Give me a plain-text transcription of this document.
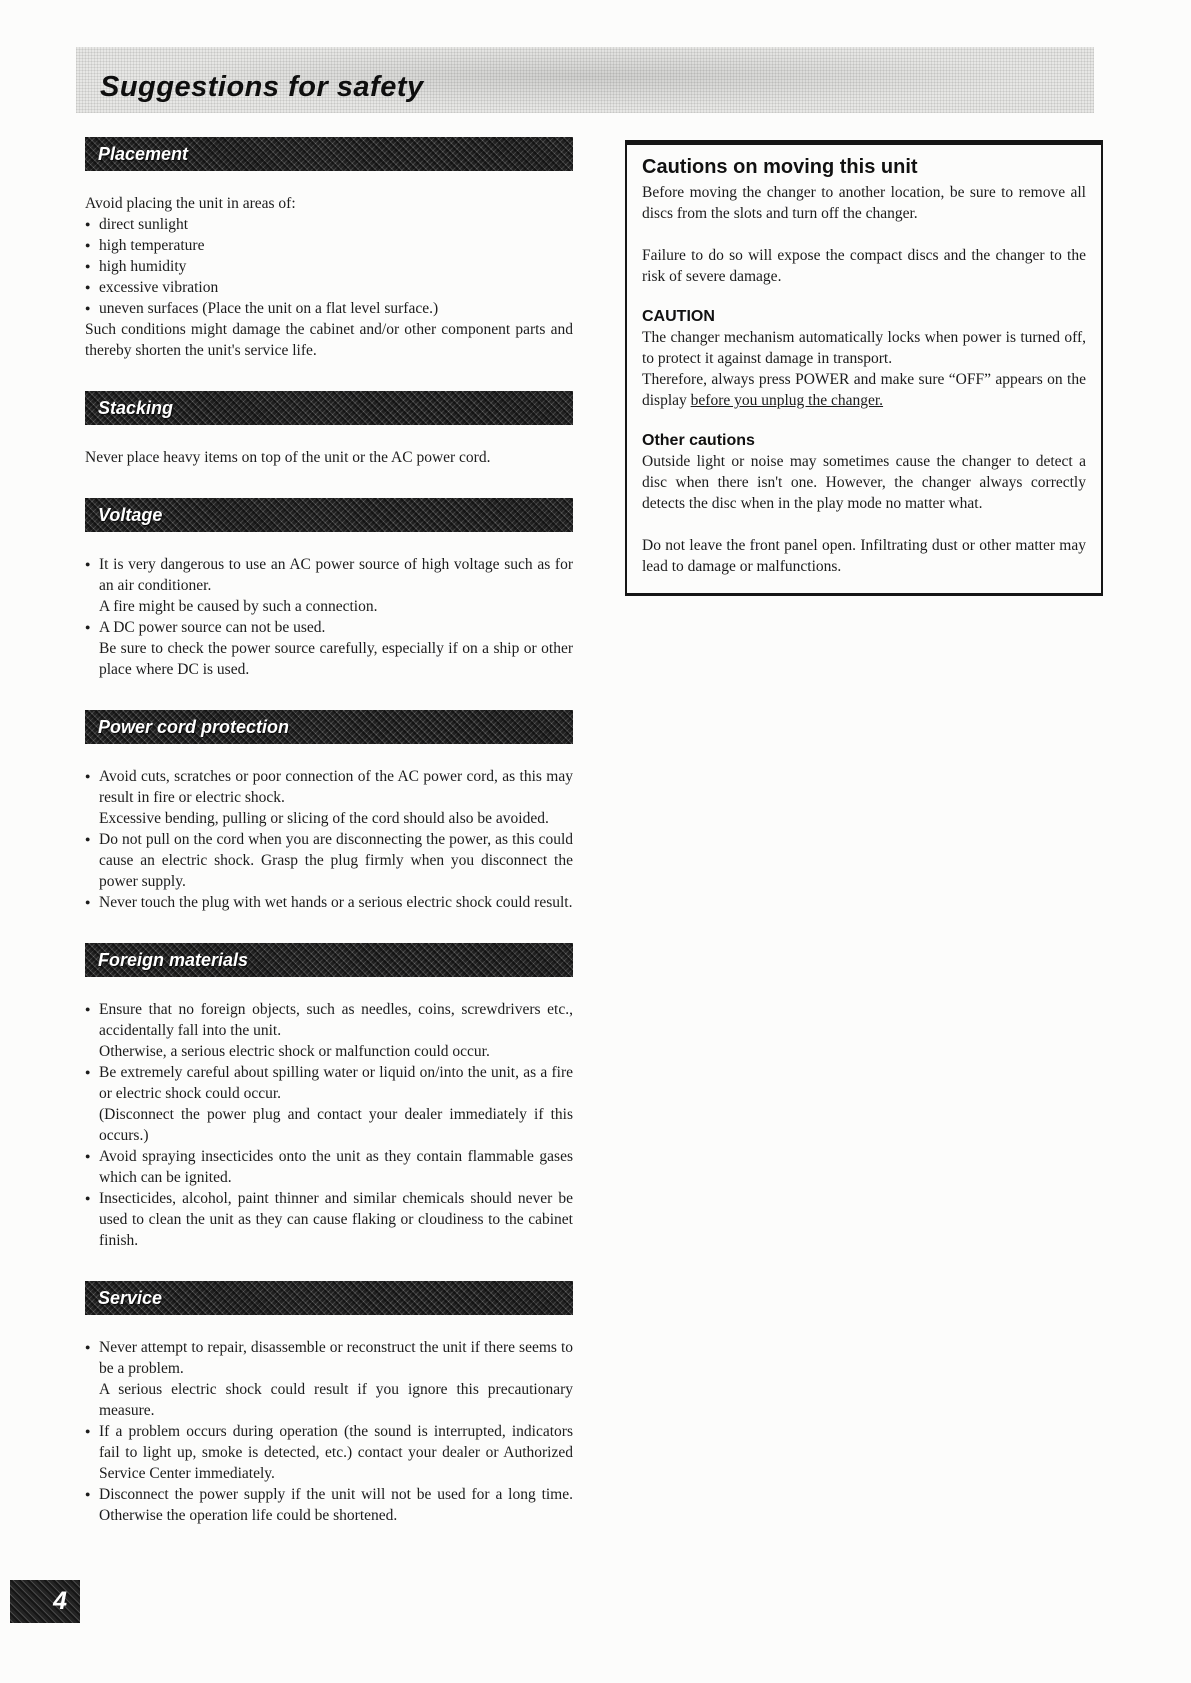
Suggestions for safety
Placement

Avoid placing the unit in areas of:

● direct sunlight

● high temperature

● high humidity

● excessive vibration

● uneven surfaces (Place the unit on a flat level surface.)

Such conditions might damage the cabinet and/or other component parts and thereby shorten the unit's service life.

Stacking

Never place heavy items on top of the unit or the AC power cord.

Voltage
● It is very dangerous to use an AC power source of high voltage such as for an air conditioner.

A fire might be caused by such a connection.

● A DC power source can not be used.

Be sure to check the power source carefully, especially if on a ship or other place where DC is used.

Power cord protection
● Avoid cuts, scratches or poor connection of the AC power cord, as this may result in fire or electric shock.

Excessive bending, pulling or slicing of the cord should also be avoided.

● Do not pull on the cord when you are disconnecting the power, as this could cause an electric shock. Grasp the plug firmly when you disconnect the power supply.

● Never touch the plug with wet hands or a serious electric shock could result.

Foreign materials
● Ensure that no foreign objects, such as needles, coins, screwdrivers etc., accidentally fall into the unit.

Otherwise, a serious electric shock or malfunction could occur.

● Be extremely careful about spilling water or liquid on/into the unit, as a fire or electric shock could occur.

(Disconnect the power plug and contact your dealer immediately if this occurs.)

● Avoid spraying insecticides onto the unit as they contain flammable gases which can be ignited.

● Insecticides, alcohol, paint thinner and similar chemicals should never be used to clean the unit as they can cause flaking or cloudiness to the cabinet finish.

Service
● Never attempt to repair, disassemble or reconstruct the unit if there seems to be a problem.

A serious electric shock could result if you ignore this precautionary measure.

● If a problem occurs during operation (the sound is interrupted, indicators fail to light up, smoke is detected, etc.) contact your dealer or Authorized Service Center immediately.

● Disconnect the power supply if the unit will not be used for a long time. Otherwise the operation life could be shortened.

Cautions on moving this unit

Before moving the changer to another location, be sure to remove all discs from the slots and turn off the changer.

Failure to do so will expose the compact discs and the changer to the risk of severe damage.

CAUTION

The changer mechanism automatically locks when power is turned off, to protect it against damage in transport.

Therefore, always press POWER and make sure “OFF” appears on the display before you unplug the changer.

Other cautions

Outside light or noise may sometimes cause the changer to detect a disc when there isn't one. However, the changer always correctly detects the disc when in the play mode no matter what.

Do not leave the front panel open. Infiltrating dust or other matter may lead to damage or malfunctions.

4
